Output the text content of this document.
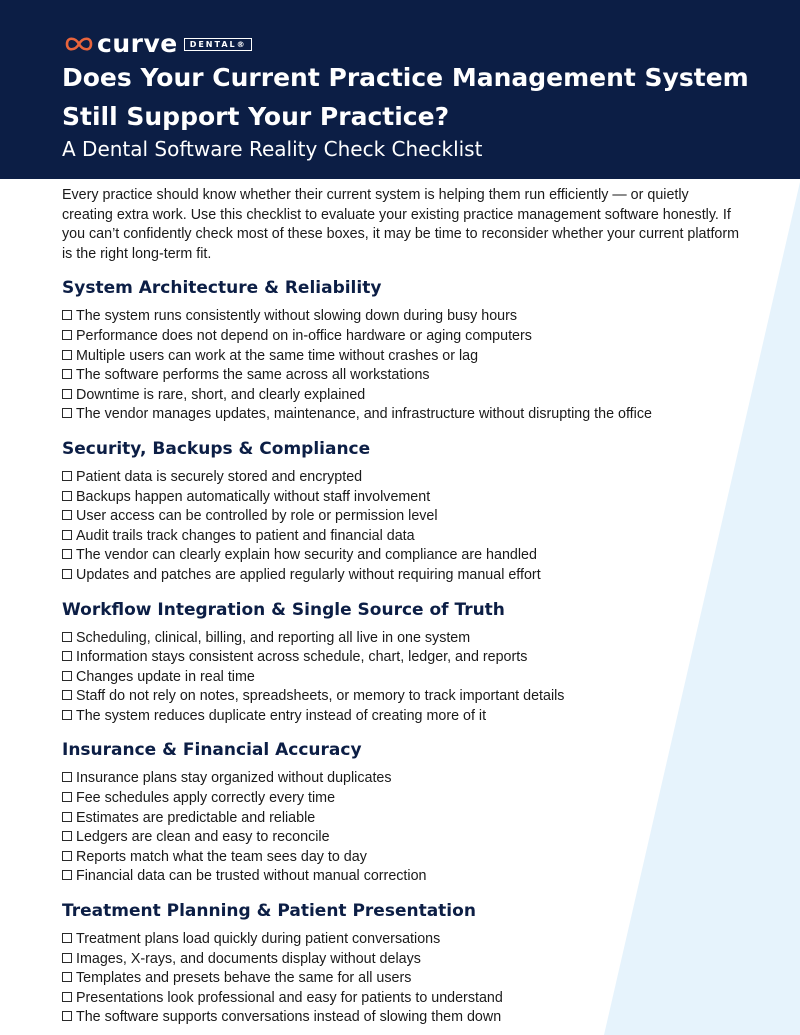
curve	DENTAL®
Does Your Current Practice Management System Still Support Your Practice?
A Dental Software Reality Check Checklist

Every practice should know whether their current system is helping them run efficiently — or quietly creating extra work. Use this checklist to evaluate your existing practice management software honestly. If you can’t confidently check most of these boxes, it may be time to reconsider whether your current platform is the right long-term fit.

System Architecture & Reliability
The system runs consistently without slowing down during busy hours
Performance does not depend on in-office hardware or aging computers
Multiple users can work at the same time without crashes or lag
The software performs the same across all workstations
Downtime is rare, short, and clearly explained
The vendor manages updates, maintenance, and infrastructure without disrupting the office
Security, Backups & Compliance
Patient data is securely stored and encrypted
Backups happen automatically without staff involvement
User access can be controlled by role or permission level
Audit trails track changes to patient and financial data
The vendor can clearly explain how security and compliance are handled
Updates and patches are applied regularly without requiring manual effort
Workflow Integration & Single Source of Truth
Scheduling, clinical, billing, and reporting all live in one system
Information stays consistent across schedule, chart, ledger, and reports
Changes update in real time
Staff do not rely on notes, spreadsheets, or memory to track important details
The system reduces duplicate entry instead of creating more of it
Insurance & Financial Accuracy
Insurance plans stay organized without duplicates
Fee schedules apply correctly every time
Estimates are predictable and reliable
Ledgers are clean and easy to reconcile
Reports match what the team sees day to day
Financial data can be trusted without manual correction
Treatment Planning & Patient Presentation
Treatment plans load quickly during patient conversations
Images, X-rays, and documents display without delays
Templates and presets behave the same for all users
Presentations look professional and easy for patients to understand
The software supports conversations instead of slowing them down
